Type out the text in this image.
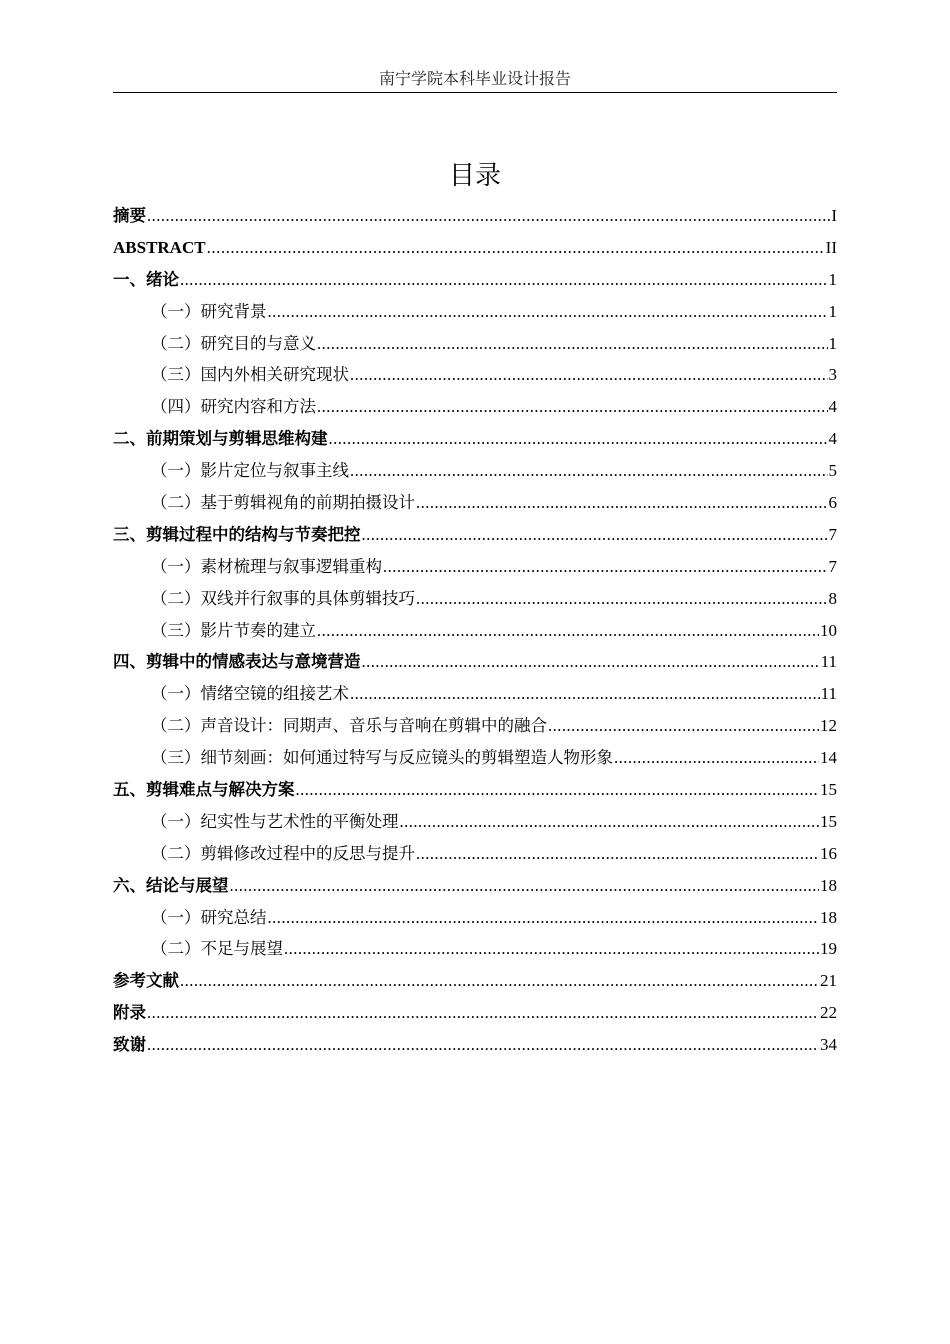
南宁学院本科毕业设计报告
目录
摘要 .....	I
ABSTRACT .....	II
一、绪论 .....	1
（一）研究背景 .....	1
（二）研究目的与意义 .....	1
（三）国内外相关研究现状 .....	3
（四）研究内容和方法 .....	4
二、前期策划与剪辑思维构建 .....	4
（一）影片定位与叙事主线 .....	5
（二）基于剪辑视角的前期拍摄设计 .....	6
三、剪辑过程中的结构与节奏把控 .....	7
（一）素材梳理与叙事逻辑重构 .....	7
（二）双线并行叙事的具体剪辑技巧 .....	8
（三）影片节奏的建立 .....	10
四、剪辑中的情感表达与意境营造 .....	11
（一）情绪空镜的组接艺术 .....	11
（二）声音设计：同期声、音乐与音响在剪辑中的融合 .....	12
（三）细节刻画：如何通过特写与反应镜头的剪辑塑造人物形象 .....	14
五、剪辑难点与解决方案 .....	15
（一）纪实性与艺术性的平衡处理 .....	15
（二）剪辑修改过程中的反思与提升 .....	16
六、结论与展望 .....	18
（一）研究总结 .....	18
（二）不足与展望 .....	19
参考文献 .....	21
附录 .....	22
致谢 .....	34
